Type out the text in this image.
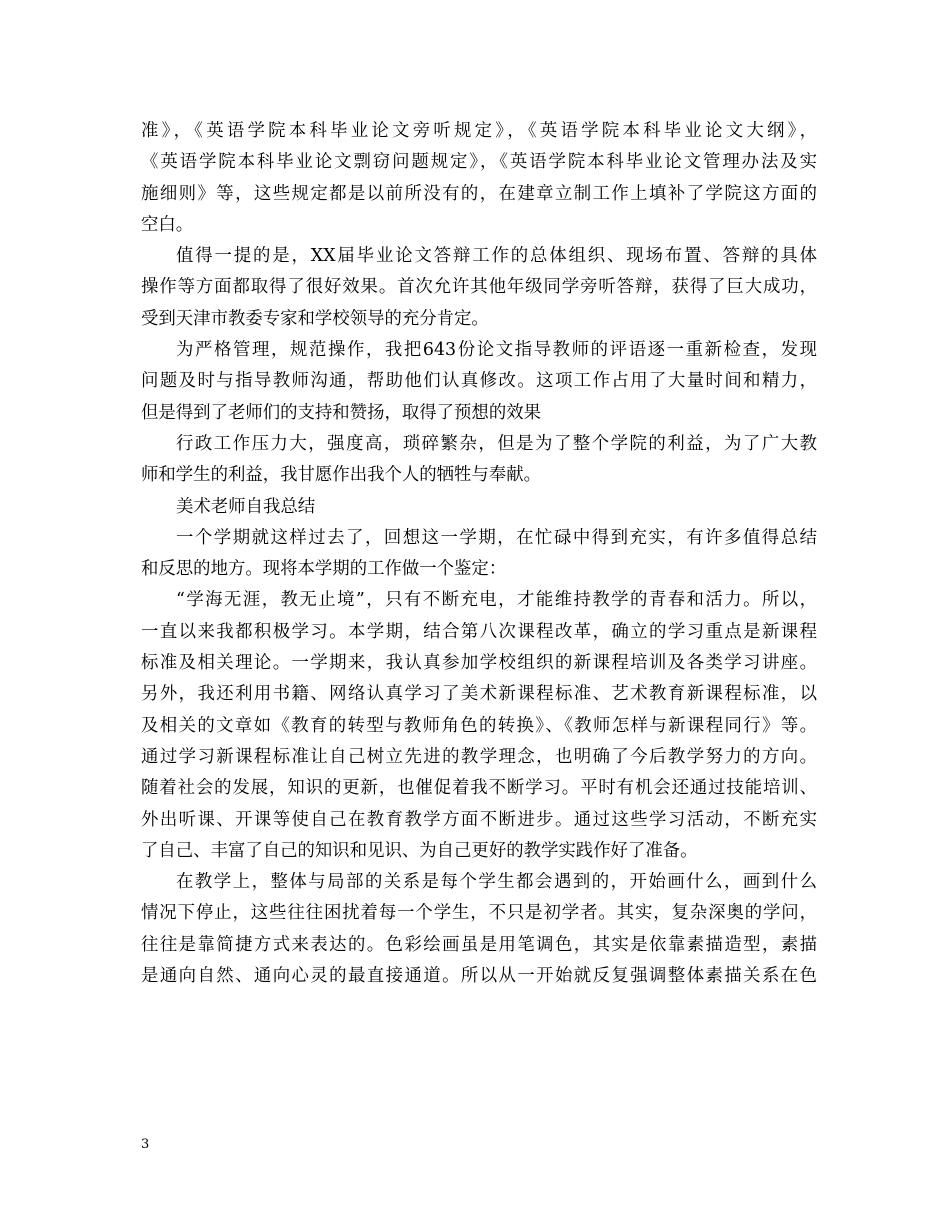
准》，《英语学院本科毕业论文旁听规定》，《英语学院本科毕业论文大纲》，
《英语学院本科毕业论文剽窃问题规定》，《英语学院本科毕业论文管理办法及实
施细则》等，这些规定都是以前所没有的，在建章立制工作上填补了学院这方面的
空白。
值得一提的是，XX届毕业论文答辩工作的总体组织、现场布置、答辩的具体
操作等方面都取得了很好效果。首次允许其他年级同学旁听答辩，获得了巨大成功，
受到天津市教委专家和学校领导的充分肯定。
为严格管理，规范操作，我把643份论文指导教师的评语逐一重新检查，发现
问题及时与指导教师沟通，帮助他们认真修改。这项工作占用了大量时间和精力，
但是得到了老师们的支持和赞扬，取得了预想的效果
行政工作压力大，强度高，琐碎繁杂，但是为了整个学院的利益，为了广大教
师和学生的利益，我甘愿作出我个人的牺牲与奉献。
美术老师自我总结
一个学期就这样过去了，回想这一学期，在忙碌中得到充实，有许多值得总结
和反思的地方。现将本学期的工作做一个鉴定：
“学海无涯，教无止境”，只有不断充电，才能维持教学的青春和活力。所以，
一直以来我都积极学习。本学期，结合第八次课程改革，确立的学习重点是新课程
标准及相关理论。一学期来，我认真参加学校组织的新课程培训及各类学习讲座。
另外，我还利用书籍、网络认真学习了美术新课程标准、艺术教育新课程标准，以
及相关的文章如《教育的转型与教师角色的转换》、《教师怎样与新课程同行》等。
通过学习新课程标准让自己树立先进的教学理念，也明确了今后教学努力的方向。
随着社会的发展，知识的更新，也催促着我不断学习。平时有机会还通过技能培训、
外出听课、开课等使自己在教育教学方面不断进步。通过这些学习活动，不断充实
了自己、丰富了自己的知识和见识、为自己更好的教学实践作好了准备。
在教学上，整体与局部的关系是每个学生都会遇到的，开始画什么，画到什么
情况下停止，这些往往困扰着每一个学生，不只是初学者。其实，复杂深奥的学问，
往往是靠简捷方式来表达的。色彩绘画虽是用笔调色，其实是依靠素描造型，素描
是通向自然、通向心灵的最直接通道。所以从一开始就反复强调整体素描关系在色
3
